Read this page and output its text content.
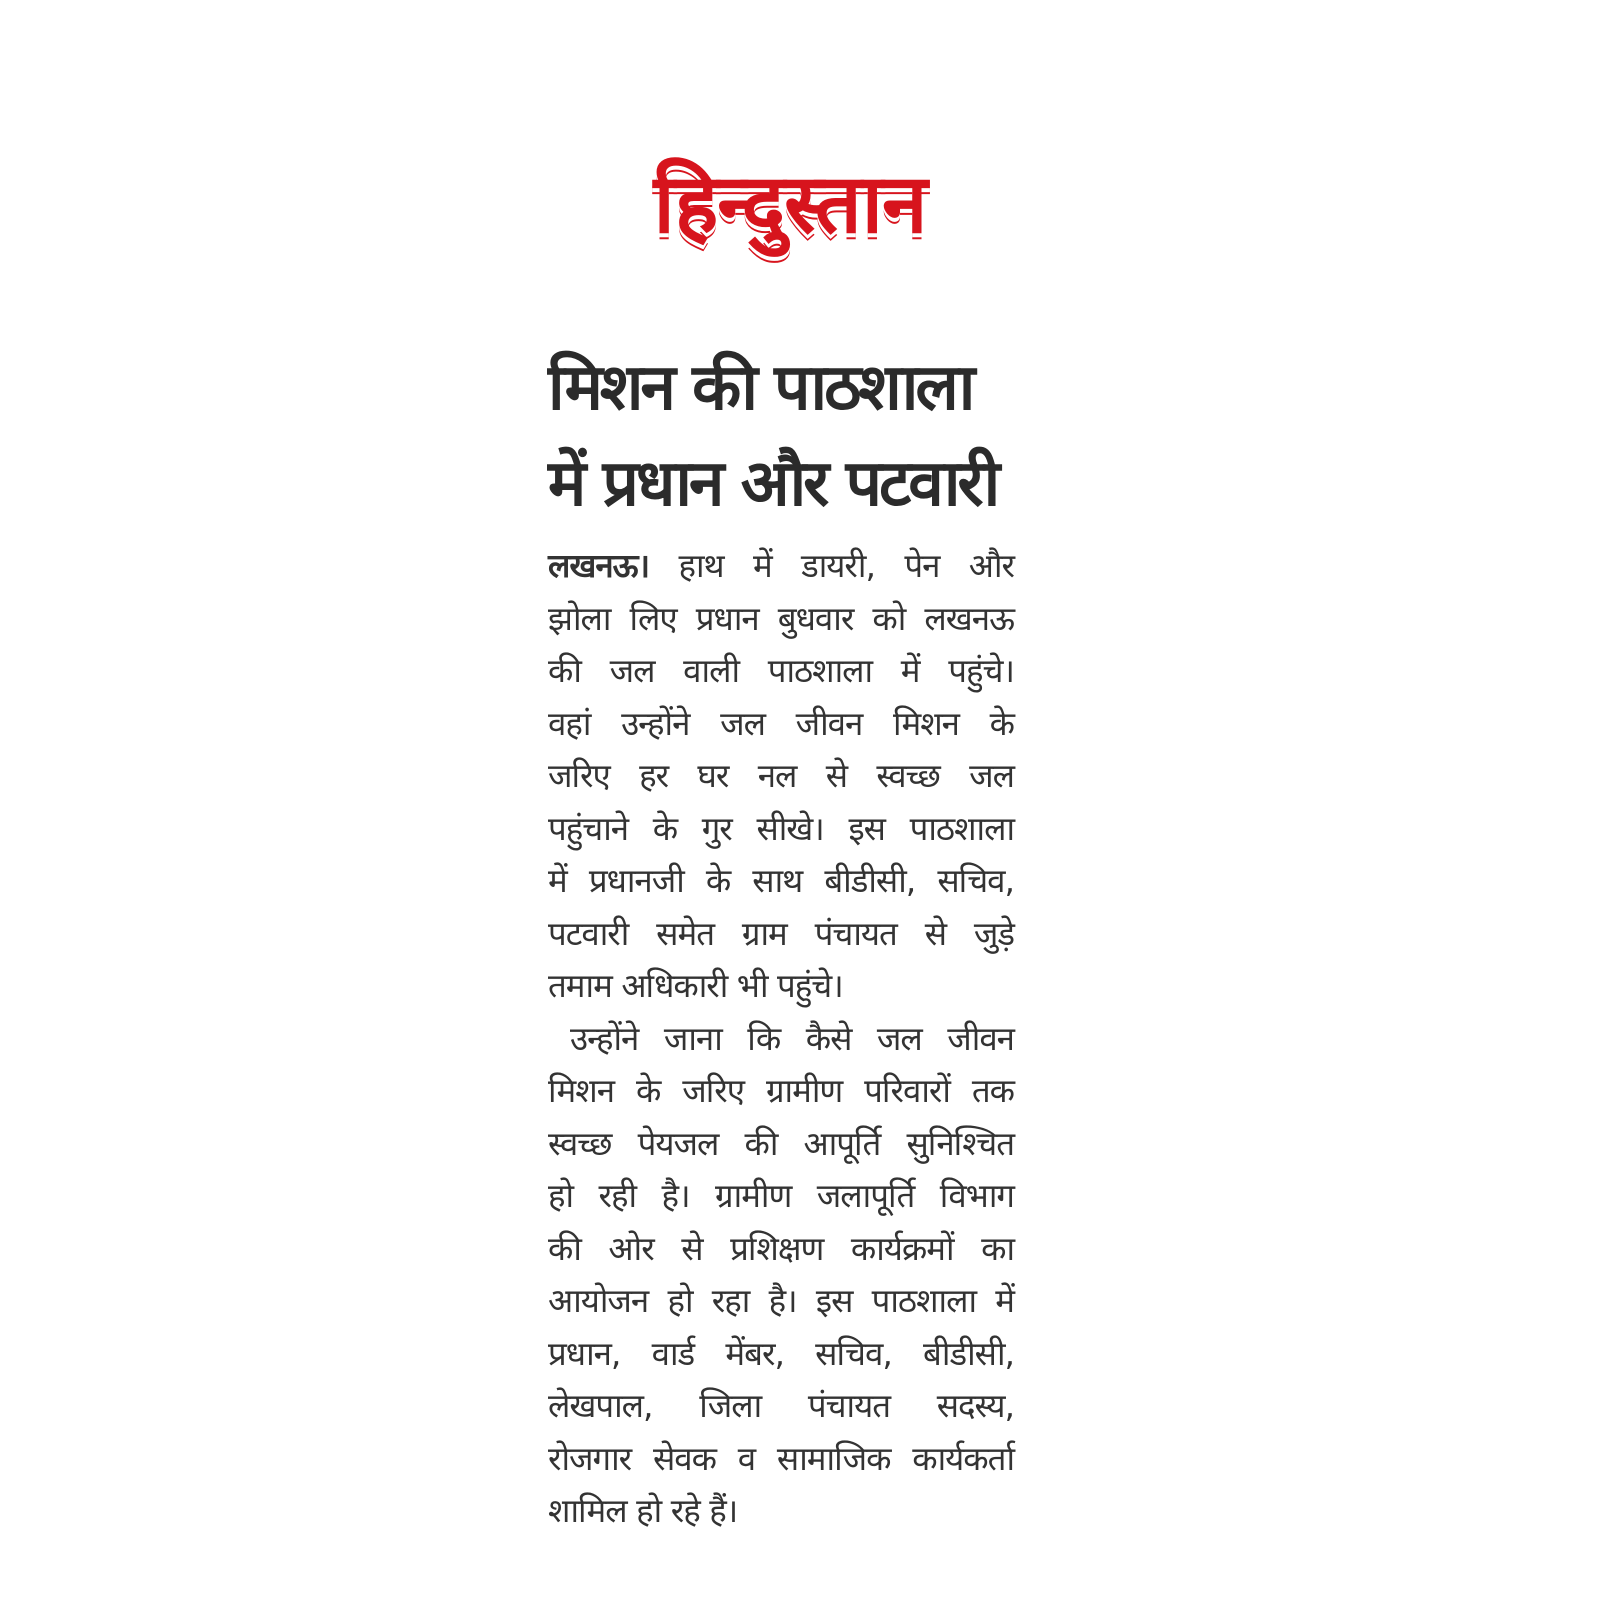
हिन्दुस्तान
मिशन की पाठशाला
में प्रधान और पटवारी
लखनऊ। हाथ में डायरी, पेन और
झोला लिए प्रधान बुधवार को लखनऊ
की जल वाली पाठशाला में पहुंचे।
वहां उन्होंने जल जीवन मिशन के
जरिए हर घर नल से स्वच्छ जल
पहुंचाने के गुर सीखे। इस पाठशाला
में प्रधानजी के साथ बीडीसी, सचिव,
पटवारी समेत ग्राम पंचायत से जुड़े
तमाम अधिकारी भी पहुंचे।
उन्होंने जाना कि कैसे जल जीवन
मिशन के जरिए ग्रामीण परिवारों तक
स्वच्छ पेयजल की आपूर्ति सुनिश्चित
हो रही है। ग्रामीण जलापूर्ति विभाग
की ओर से प्रशिक्षण कार्यक्रमों का
आयोजन हो रहा है। इस पाठशाला में
प्रधान, वार्ड मेंबर, सचिव, बीडीसी,
लेखपाल, जिला पंचायत सदस्य,
रोजगार सेवक व सामाजिक कार्यकर्ता
शामिल हो रहे हैं।
